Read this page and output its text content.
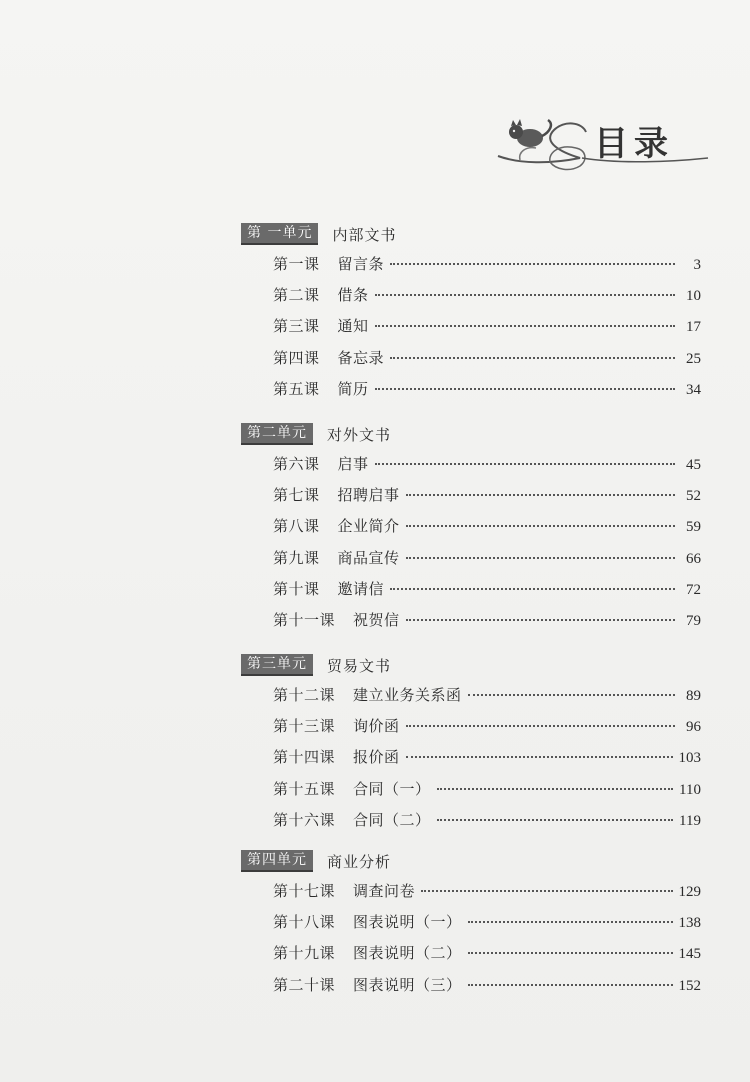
目录
第 一单元	内部文书
第一课 留言条	3
第二课 借条	10
第三课 通知	17
第四课 备忘录	25
第五课 简历	34
第二单元	对外文书
第六课 启事	45
第七课 招聘启事	52
第八课 企业简介	59
第九课 商品宣传	66
第十课 邀请信	72
第十一课 祝贺信	79
第三单元	贸易文书
第十二课 建立业务关系函	89
第十三课 询价函	96
第十四课 报价函	103
第十五课 合同（一）	110
第十六课 合同（二）	119
第四单元	商业分析
第十七课 调查问卷	129
第十八课 图表说明（一）	138
第十九课 图表说明（二）	145
第二十课 图表说明（三）	152
